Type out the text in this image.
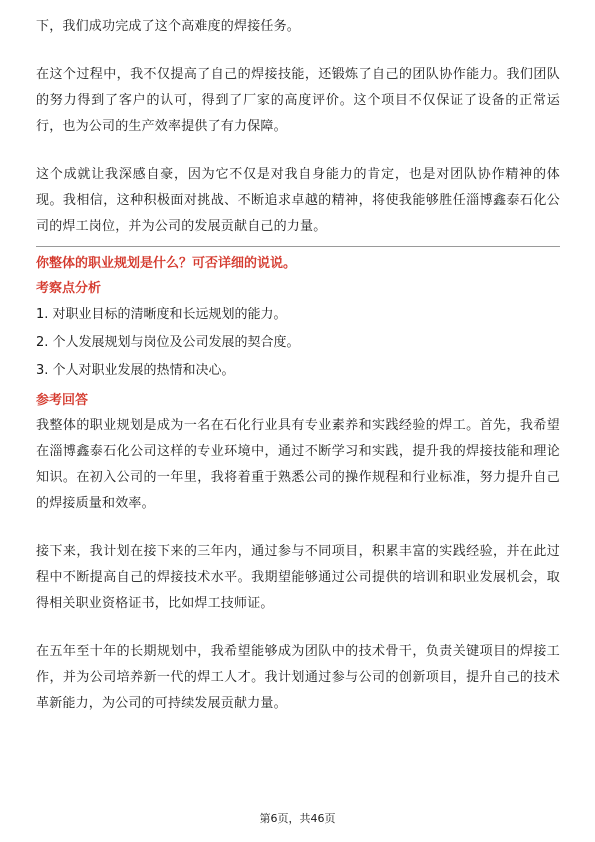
下，我们成功完成了这个高难度的焊接任务。

在这个过程中，我不仅提高了自己的焊接技能，还锻炼了自己的团队协作能力。我们团队的努力得到了客户的认可，得到了厂家的高度评价。这个项目不仅保证了设备的正常运行，也为公司的生产效率提供了有力保障。

这个成就让我深感自豪，因为它不仅是对我自身能力的肯定，也是对团队协作精神的体现。我相信，这种积极面对挑战、不断追求卓越的精神，将使我能够胜任淄博鑫泰石化公司的焊工岗位，并为公司的发展贡献自己的力量。

你整体的职业规划是什么？可否详细的说说。

考察点分析

1. 对职业目标的清晰度和长远规划的能力。
2. 个人发展规划与岗位及公司发展的契合度。
3. 个人对职业发展的热情和决心。

参考回答

我整体的职业规划是成为一名在石化行业具有专业素养和实践经验的焊工。首先，我希望在淄博鑫泰石化公司这样的专业环境中，通过不断学习和实践，提升我的焊接技能和理论知识。在初入公司的一年里，我将着重于熟悉公司的操作规程和行业标准，努力提升自己的焊接质量和效率。

接下来，我计划在接下来的三年内，通过参与不同项目，积累丰富的实践经验，并在此过程中不断提高自己的焊接技术水平。我期望能够通过公司提供的培训和职业发展机会，取得相关职业资格证书，比如焊工技师证。

在五年至十年的长期规划中，我希望能够成为团队中的技术骨干，负责关键项目的焊接工作，并为公司培养新一代的焊工人才。我计划通过参与公司的创新项目，提升自己的技术革新能力，为公司的可持续发展贡献力量。

第6页，共46页
